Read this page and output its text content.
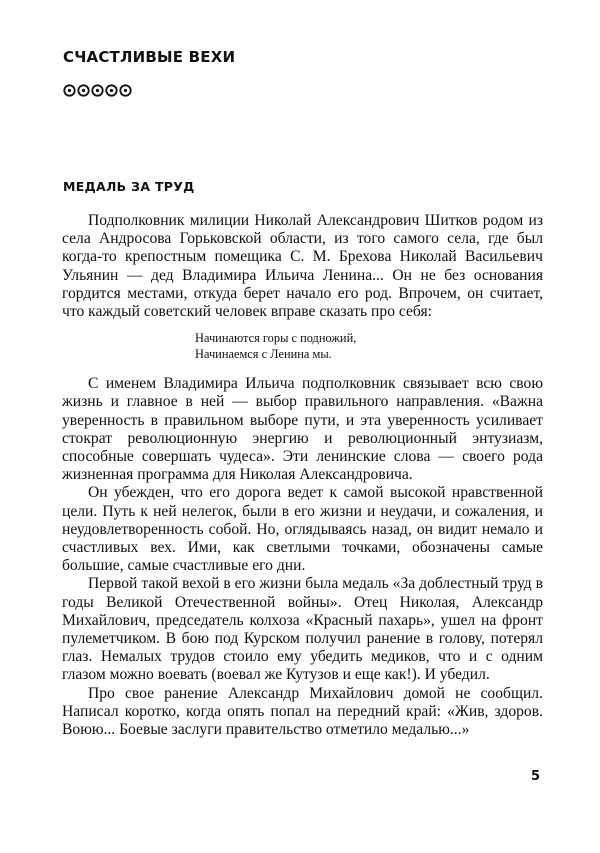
СЧАСТЛИВЫЕ ВЕХИ
МЕДАЛЬ ЗА ТРУД

Подполковник милиции Николай Александрович Шитков родом из села Андросова Горьковской области, из того самого села, где был когда-то крепостным помещика С. М. Брехова Николай Васильевич Ульянин — дед Владимира Ильича Ленина... Он не без основания гордится местами, откуда берет начало его род. Впрочем, он считает, что каждый советский человек вправе сказать про себя:

Начинаются горы с подножий,
Начинаемся с Ленина мы.

С именем Владимира Ильича подполковник связывает всю свою жизнь и главное в ней — выбор правильного направления. «Важна уверенность в правильном выборе пути, и эта уверенность усиливает стократ революционную энергию и революционный энтузиазм, способные совершать чудеса». Эти ленинские слова — своего рода жизненная программа для Николая Александровича.

Он убежден, что его дорога ведет к самой высокой нравственной цели. Путь к ней нелегок, были в его жизни и неудачи, и сожаления, и неудовлетворенность собой. Но, оглядываясь назад, он видит немало и счастливых вех. Ими, как светлыми точками, обозначены самые большие, самые счастливые его дни.

Первой такой вехой в его жизни была медаль «За доблестный труд в годы Великой Отечественной войны». Отец Николая, Александр Михайлович, председатель колхоза «Красный пахарь», ушел на фронт пулеметчиком. В бою под Курском получил ранение в голову, потерял глаз. Немалых трудов стоило ему убедить медиков, что и с одним глазом можно воевать (воевал же Кутузов и еще как!). И убедил.

Про свое ранение Александр Михайлович домой не сообщил. Написал коротко, когда опять попал на передний край: «Жив, здоров. Воюю... Боевые заслуги правительство отметило медалью...»

5
